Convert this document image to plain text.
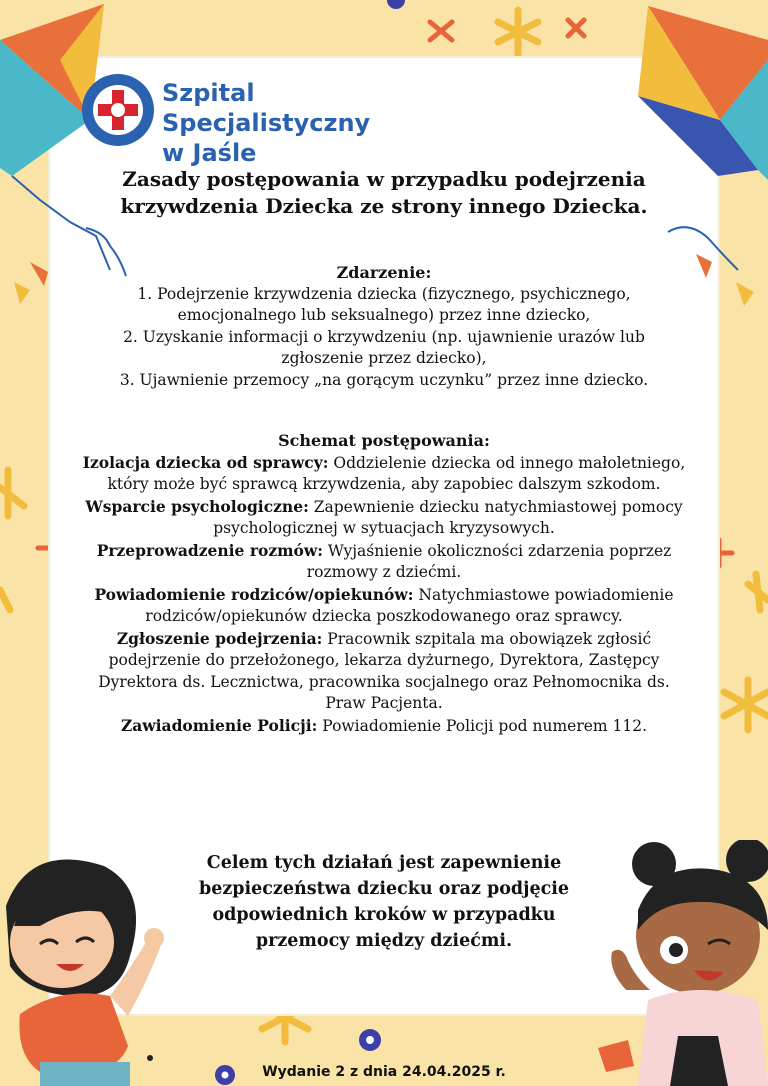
Szpital Specjalistyczny
w Jaśle
Zasady postępowania w przypadku podejrzenia
krzywdzenia Dziecka ze strony innego Dziecka.
Zdarzenie:
1. Podejrzenie krzywdzenia dziecka (fizycznego, psychicznego,
emocjonalnego lub seksualnego) przez inne dziecko,
2. Uzyskanie informacji o krzywdzeniu (np. ujawnienie urazów lub
zgłoszenie przez dziecko),
3. Ujawnienie przemocy „na gorącym uczynku” przez inne dziecko.
Schemat postępowania:
Izolacja dziecka od sprawcy: Oddzielenie dziecka od innego małoletniego, który może być sprawcą krzywdzenia, aby zapobiec dalszym szkodom.
Wsparcie psychologiczne: Zapewnienie dziecku natychmiastowej pomocy psychologicznej w sytuacjach kryzysowych.
Przeprowadzenie rozmów: Wyjaśnienie okoliczności zdarzenia poprzez rozmowy z dziećmi.
Powiadomienie rodziców/opiekunów: Natychmiastowe powiadomienie rodziców/opiekunów dziecka poszkodowanego oraz sprawcy.
Zgłoszenie podejrzenia: Pracownik szpitala ma obowiązek zgłosić podejrzenie do przełożonego, lekarza dyżurnego, Dyrektora, Zastępcy Dyrektora ds. Lecznictwa, pracownika socjalnego oraz Pełnomocnika ds. Praw Pacjenta.
Zawiadomienie Policji: Powiadomienie Policji pod numerem 112.
Celem tych działań jest zapewnienie
bezpieczeństwa dziecku oraz podjęcie
odpowiednich kroków w przypadku
przemocy między dziećmi.
Wydanie 2 z dnia 24.04.2025 r.
